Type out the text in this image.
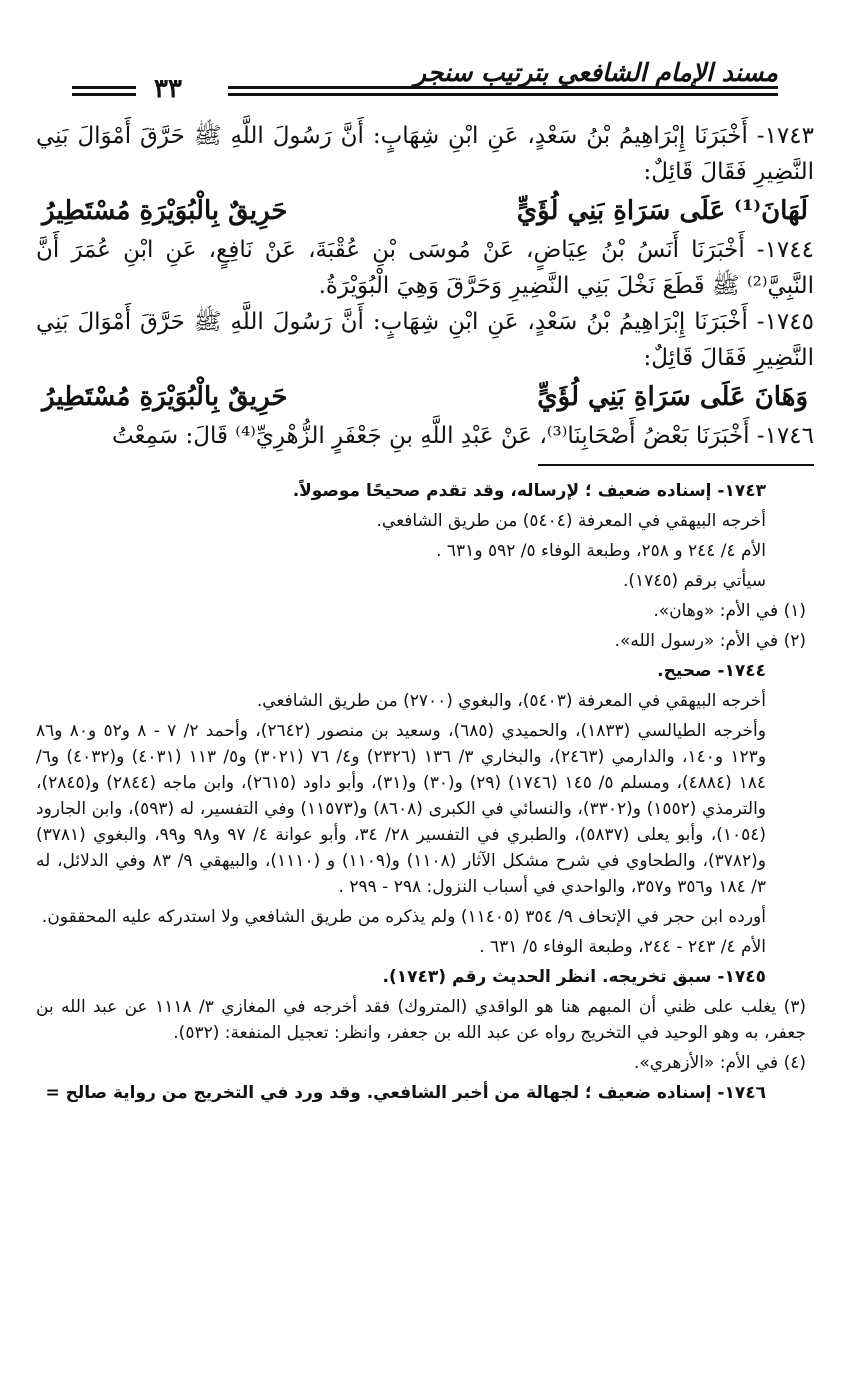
مسند الإمام الشافعي بترتيب سنجر
٣٣

١٧٤٣- أَخْبَرَنَا إِبْرَاهِيمُ بْنُ سَعْدٍ، عَنِ ابْنِ شِهَابٍ: أَنَّ رَسُولَ اللَّهِ ﷺ حَرَّقَ أَمْوَالَ بَنِي النَّضِيرِ فَقَالَ قَائِلٌ:

لَهَانَ⁽¹⁾ عَلَى سَرَاةِ بَنِي لُؤَيٍّ
حَرِيقٌ بِالْبُوَيْرَةِ مُسْتَطِيرُ

١٧٤٤- أَخْبَرَنَا أَنَسُ بْنُ عِيَاضٍ، عَنْ مُوسَى بْنِ عُقْبَةَ، عَنْ نَافِعٍ، عَنِ ابْنِ عُمَرَ أَنَّ النَّبِيَّ⁽²⁾ ﷺ قَطَعَ نَخْلَ بَنِي النَّضِيرِ وَحَرَّقَ وَهِيَ الْبُوَيْرَةُ.

١٧٤٥- أَخْبَرَنَا إِبْرَاهِيمُ بْنُ سَعْدٍ، عَنِ ابْنِ شِهَابٍ: أَنَّ رَسُولَ اللَّهِ ﷺ حَرَّقَ أَمْوَالَ بَنِي النَّضِيرِ فَقَالَ قَائِلٌ:

وَهَانَ عَلَى سَرَاةِ بَنِي لُؤَيٍّ
حَرِيقٌ بِالْبُوَيْرَةِ مُسْتَطِيرُ

١٧٤٦- أَخْبَرَنَا بَعْضُ أَصْحَابِنَا⁽³⁾، عَنْ عَبْدِ اللَّهِ بنِ جَعْفَرٍ الزُّهْرِيِّ⁽⁴⁾ قَالَ: سَمِعْتُ

١٧٤٣- إسناده ضعيف ؛ لإرساله، وقد تقدم صحيحًا موصولاً.

أخرجه البيهقي في المعرفة (٥٤٠٤) من طريق الشافعي.

الأم ٤/ ٢٤٤ و ٢٥٨، وطبعة الوفاء ٥/ ٥٩٢ و٦٣١ .

سيأتي برقم (١٧٤٥).

(١) في الأم: «وهان».

(٢) في الأم: «رسول الله».

١٧٤٤- صحيح.

أخرجه البيهقي في المعرفة (٥٤٠٣)، والبغوي (٢٧٠٠) من طريق الشافعي.

وأخرجه الطيالسي (١٨٣٣)، والحميدي (٦٨٥)، وسعيد بن منصور (٢٦٤٢)، وأحمد ٢/ ٧ - ٨ و٥٢ و٨٠ و٨٦ و١٢٣ و١٤٠، والدارمي (٢٤٦٣)، والبخاري ٣/ ١٣٦ (٢٣٢٦) و٤/ ٧٦ (٣٠٢١) و٥/ ١١٣ (٤٠٣١) و(٤٠٣٢) و٦/ ١٨٤ (٤٨٨٤)، ومسلم ٥/ ١٤٥ (١٧٤٦) (٢٩) و(٣٠) و(٣١)، وأبو داود (٢٦١٥)، وابن ماجه (٢٨٤٤) و(٢٨٤٥)، والترمذي (١٥٥٢) و(٣٣٠٢)، والنسائي في الكبرى (٨٦٠٨) و(١١٥٧٣) وفي التفسير، له (٥٩٣)، وابن الجارود (١٠٥٤)، وأبو يعلى (٥٨٣٧)، والطبري في التفسير ٢٨/ ٣٤، وأبو عوانة ٤/ ٩٧ و٩٨ و٩٩، والبغوي (٣٧٨١) و(٣٧٨٢)، والطحاوي في شرح مشكل الآثار (١١٠٨) و(١١٠٩) و (١١١٠)، والبيهقي ٩/ ٨٣ وفي الدلائل، له ٣/ ١٨٤ و٣٥٦ و٣٥٧، والواحدي في أسباب النزول: ٢٩٨ - ٢٩٩ .

أورده ابن حجر في الإتحاف ٩/ ٣٥٤ (١١٤٠٥) ولم يذكره من طريق الشافعي ولا استدركه عليه المحققون.

الأم ٤/ ٢٤٣ - ٢٤٤، وطبعة الوفاء ٥/ ٦٣١ .

١٧٤٥- سبق تخريجه. انظر الحديث رقم (١٧٤٣).

(٣) يغلب على ظني أن المبهم هنا هو الواقدي (المتروك) فقد أخرجه في المغازي ٣/ ١١١٨ عن عبد الله بن جعفر، به وهو الوحيد في التخريج رواه عن عبد الله بن جعفر، وانظر: تعجيل المنفعة: (٥٣٢).

(٤) في الأم: «الأزهري».

١٧٤٦- إسناده ضعيف ؛ لجهالة من أخبر الشافعي. وقد ورد في التخريج من رواية صالح =
